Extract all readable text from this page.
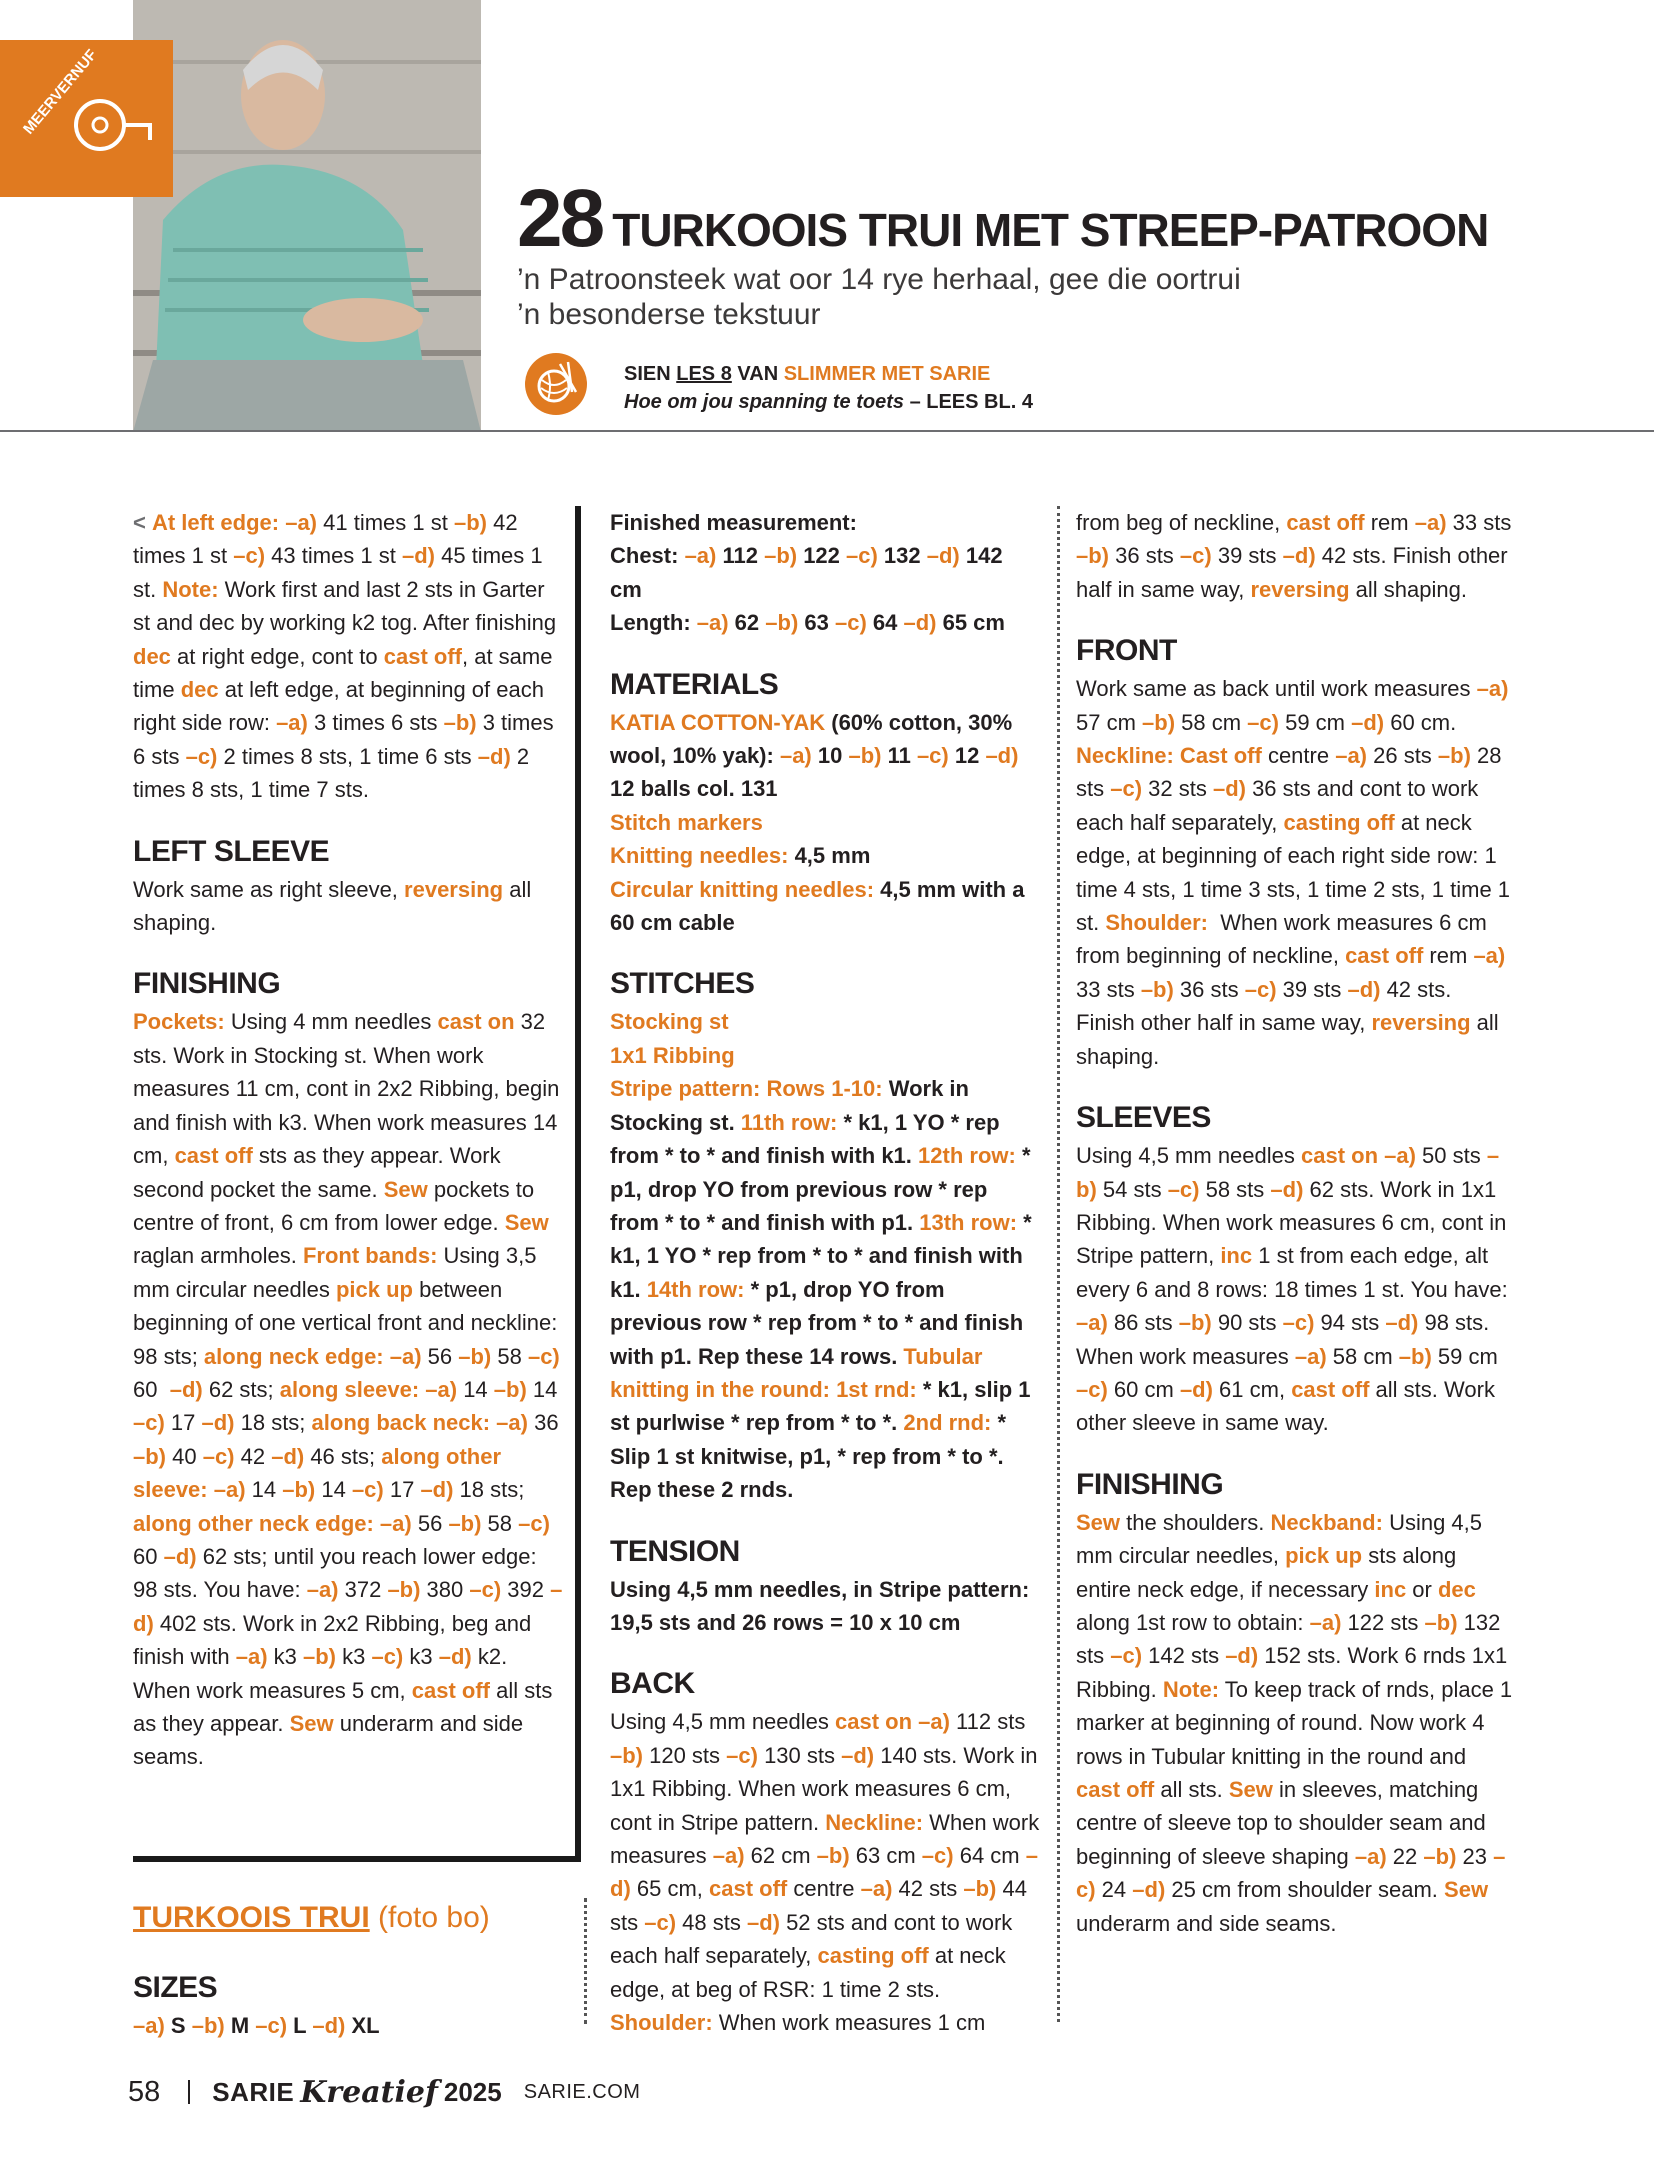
MEERVERNUF
28 TURKOOIS TRUI MET STREEP-PATROON
’n Patroonsteek wat oor 14 rye herhaal, gee die oortrui
’n besonderse tekstuur
SIEN LES 8 VAN SLIMMER MET SARIE
Hoe om jou spanning te toets – LEES BL. 4

< At left edge: –a) 41 times 1 st –b) 42 times 1 st –c) 43 times 1 st –d) 45 times 1 st. Note: Work first and last 2 sts in Garter st and dec by working k2 tog. After finishing dec at right edge, cont to cast off, at same time dec at left edge, at beginning of each right side row: –a) 3 times 6 sts –b) 3 times 6 sts –c) 2 times 8 sts, 1 time 6 sts –d) 2 times 8 sts, 1 time 7 sts.

LEFT SLEEVE

Work same as right sleeve, reversing all shaping.

FINISHING

Pockets: Using 4 mm needles cast on 32 sts. Work in Stocking st. When work measures 11 cm, cont in 2x2 Ribbing, begin and finish with k3. When work measures 14 cm, cast off sts as they appear. Work second pocket the same. Sew pockets to centre of front, 6 cm from lower edge. Sew raglan armholes. Front bands: Using 3,5 mm circular needles pick up between beginning of one vertical front and neckline: 98 sts; along neck edge: –a) 56 –b) 58 –c) 60  –d) 62 sts; along sleeve: –a) 14 –b) 14 –c) 17 –d) 18 sts; along back neck: –a) 36 –b) 40 –c) 42 –d) 46 sts; along other sleeve: –a) 14 –b) 14 –c) 17 –d) 18 sts; along other neck edge: –a) 56 –b) 58 –c) 60 –d) 62 sts; until you reach lower edge: 98 sts. You have: –a) 372 –b) 380 –c) 392 –d) 402 sts. Work in 2x2 Ribbing, beg and finish with –a) k3 –b) k3 –c) k3 –d) k2. When work measures 5 cm, cast off all sts as they appear. Sew underarm and side seams.

TURKOOIS TRUI (foto bo)
SIZES

–a) S –b) M –c) L –d) XL

Finished measurement:
Chest: –a) 112 –b) 122 –c) 132 –d) 142 cm
Length: –a) 62 –b) 63 –c) 64 –d) 65 cm

MATERIALS

KATIA COTTON-YAK (60% cotton, 30% wool, 10% yak): –a) 10 –b) 11 –c) 12 –d) 12 balls col. 131
Stitch markers
Knitting needles: 4,5 mm
Circular knitting needles: 4,5 mm with a 60 cm cable

STITCHES

Stocking st
1x1 Ribbing
Stripe pattern: Rows 1-10: Work in Stocking st. 11th row: * k1, 1 YO * rep from * to * and finish with k1. 12th row: * p1, drop YO from previous row * rep from * to * and finish with p1. 13th row: * k1, 1 YO * rep from * to * and finish with k1. 14th row: * p1, drop YO from previous row * rep from * to * and finish with p1. Rep these 14 rows. Tubular knitting in the round: 1st rnd: * k1, slip 1 st purlwise * rep from * to *. 2nd rnd: * Slip 1 st knitwise, p1, * rep from * to *. Rep these 2 rnds.

TENSION

Using 4,5 mm needles, in Stripe pattern: 19,5 sts and 26 rows = 10 x 10 cm

BACK

Using 4,5 mm needles cast on –a) 112 sts –b) 120 sts –c) 130 sts –d) 140 sts. Work in 1x1 Ribbing. When work measures 6 cm, cont in Stripe pattern. Neckline: When work measures –a) 62 cm –b) 63 cm –c) 64 cm –d) 65 cm, cast off centre –a) 42 sts –b) 44 sts –c) 48 sts –d) 52 sts and cont to work each half separately, casting off at neck edge, at beg of RSR: 1 time 2 sts. Shoulder: When work measures 1 cm

from beg of neckline, cast off rem –a) 33 sts –b) 36 sts –c) 39 sts –d) 42 sts. Finish other half in same way, reversing all shaping.

FRONT

Work same as back until work measures –a) 57 cm –b) 58 cm –c) 59 cm –d) 60 cm. Neckline: Cast off centre –a) 26 sts –b) 28 sts –c) 32 sts –d) 36 sts and cont to work each half separately, casting off at neck edge, at beginning of each right side row: 1 time 4 sts, 1 time 3 sts, 1 time 2 sts, 1 time 1 st. Shoulder:  When work measures 6 cm from beginning of neckline, cast off rem –a) 33 sts –b) 36 sts –c) 39 sts –d) 42 sts. Finish other half in same way, reversing all shaping.

SLEEVES

Using 4,5 mm needles cast on –a) 50 sts –b) 54 sts –c) 58 sts –d) 62 sts. Work in 1x1 Ribbing. When work measures 6 cm, cont in Stripe pattern, inc 1 st from each edge, alt every 6 and 8 rows: 18 times 1 st. You have: –a) 86 sts –b) 90 sts –c) 94 sts –d) 98 sts. When work measures –a) 58 cm –b) 59 cm –c) 60 cm –d) 61 cm, cast off all sts. Work other sleeve in same way.

FINISHING

Sew the shoulders. Neckband: Using 4,5 mm circular needles, pick up sts along entire neck edge, if necessary inc or dec along 1st row to obtain: –a) 122 sts –b) 132 sts –c) 142 sts –d) 152 sts. Work 6 rnds 1x1 Ribbing. Note: To keep track of rnds, place 1 marker at beginning of round. Now work 4 rows in Tubular knitting in the round and cast off all sts. Sew in sleeves, matching centre of sleeve top to shoulder seam and beginning of sleeve shaping –a) 22 –b) 23 –c) 24 –d) 25 cm from shoulder seam. Sew underarm and side seams.

58 SARIE Kreatief 2025 SARIE.COM
